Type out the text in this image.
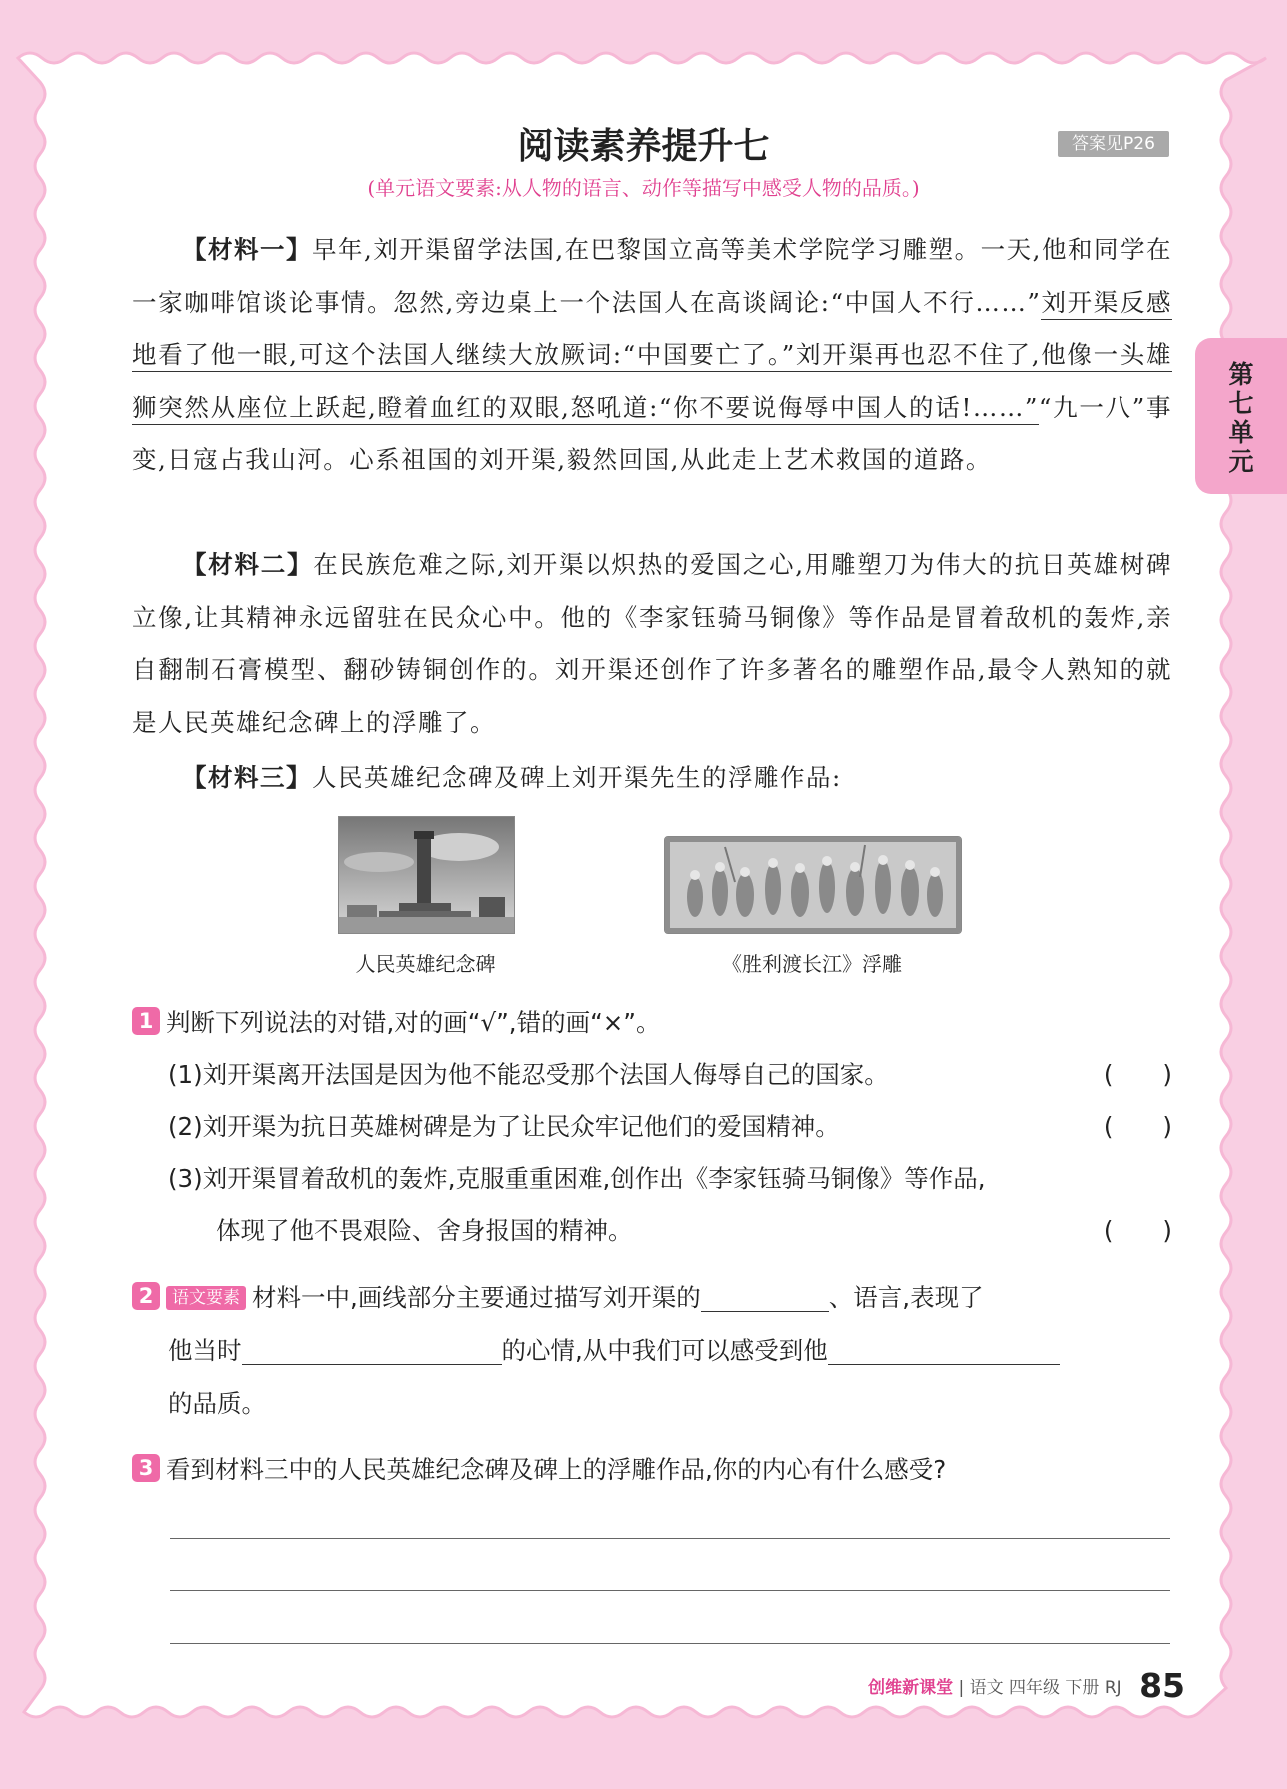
阅读素养提升七	答案见P26
(单元语文要素:从人物的语言、动作等描写中感受人物的品质。)
第
七
单
元
【材料一】早年,刘开渠留学法国,在巴黎国立高等美术学院学习雕塑。一天,他和同学在一家咖啡馆谈论事情。忽然,旁边桌上一个法国人在高谈阔论:“中国人不行……”刘开渠反感地看了他一眼,可这个法国人继续大放厥词:“中国要亡了。”刘开渠再也忍不住了,他像一头雄狮突然从座位上跃起,瞪着血红的双眼,怒吼道:“你不要说侮辱中国人的话!……”“九一八”事变,日寇占我山河。心系祖国的刘开渠,毅然回国,从此走上艺术救国的道路。
【材料二】在民族危难之际,刘开渠以炽热的爱国之心,用雕塑刀为伟大的抗日英雄树碑立像,让其精神永远留驻在民众心中。他的《李家钰骑马铜像》等作品是冒着敌机的轰炸,亲自翻制石膏模型、翻砂铸铜创作的。刘开渠还创作了许多著名的雕塑作品,最令人熟知的就是人民英雄纪念碑上的浮雕了。
【材料三】人民英雄纪念碑及碑上刘开渠先生的浮雕作品:
人民英雄纪念碑	《胜利渡长江》浮雕
1 判断下列说法的对错,对的画“√”,错的画“×”。
(1)刘开渠离开法国是因为他不能忍受那个法国人侮辱自己的国家。	(　　)
(2)刘开渠为抗日英雄树碑是为了让民众牢记他们的爱国精神。	(　　)
(3)刘开渠冒着敌机的轰炸,克服重重困难,创作出《李家钰骑马铜像》等作品,
体现了他不畏艰险、舍身报国的精神。	(　　)
2 语文要素 材料一中,画线部分主要通过描写刘开渠的	、语言,表现了
他当时	的心情,从中我们可以感受到他
的品质。
3 看到材料三中的人民英雄纪念碑及碑上的浮雕作品,你的内心有什么感受?
创维新课堂 | 语文 四年级 下册 RJ 85
